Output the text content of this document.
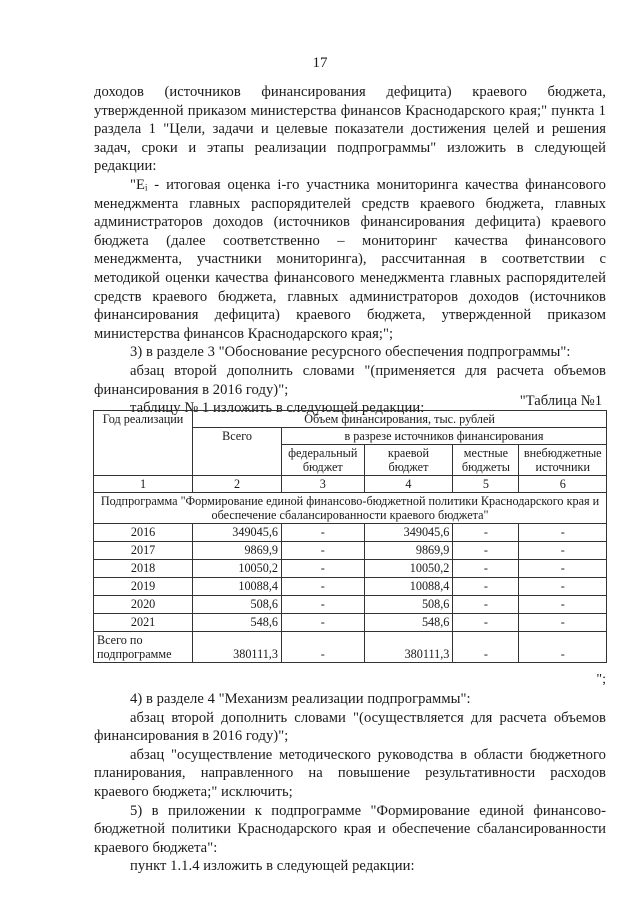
17

доходов (источников финансирования дефицита) краевого бюджета, утвержденной приказом министерства финансов Краснодарского края;" пункта 1 раздела 1 "Цели, задачи и целевые показатели достижения целей и решения задач, сроки и этапы реализации подпрограммы" изложить в следующей редакции:

"Eᵢ - итоговая оценка i-го участника мониторинга качества финансового менеджмента главных распорядителей средств краевого бюджета, главных администраторов доходов (источников финансирования дефицита) краевого бюджета (далее соответственно – мониторинг качества финансового менеджмента, участники мониторинга), рассчитанная в соответствии с методикой оценки качества финансового менеджмента главных распорядителей средств краевого бюджета, главных администраторов доходов (источников финансирования дефицита) краевого бюджета, утвержденной приказом министерства финансов Краснодарского края;";

3) в разделе 3 "Обоснование ресурсного обеспечения подпрограммы":

абзац второй дополнить словами "(применяется для расчета объемов финансирования в 2016 году)";

таблицу № 1 изложить в следующей редакции:	"Таблица №1
Год реализации	Объем финансирования, тыс. рублей				
	Всего	в разрезе источников финансирования			
		федеральный бюджет	краевой бюджет	местные бюджеты	внебюджетные источники
1	2	3	4	5	6
Подпрограмма "Формирование единой финансово-бюджетной политики Краснодарского края и обеспечение сбалансированности краевого бюджета"					
2016	349045,6	-	349045,6	-	-
2017	9869,9	-	9869,9	-	-
2018	10050,2	-	10050,2	-	-
2019	10088,4	-	10088,4	-	-
2020	508,6	-	508,6	-	-
2021	548,6	-	548,6	-	-
Всего по подпрограмме	380111,3	-	380111,3	-	-
";

4) в разделе 4 "Механизм реализации подпрограммы":

абзац второй дополнить словами "(осуществляется для расчета объемов финансирования в 2016 году)";

абзац "осуществление методического руководства в области бюджетного планирования, направленного на повышение результативности расходов краевого бюджета;" исключить;

5) в приложении к подпрограмме "Формирование единой финансово-бюджетной политики Краснодарского края и обеспечение сбалансированности краевого бюджета":

пункт 1.1.4 изложить в следующей редакции:
